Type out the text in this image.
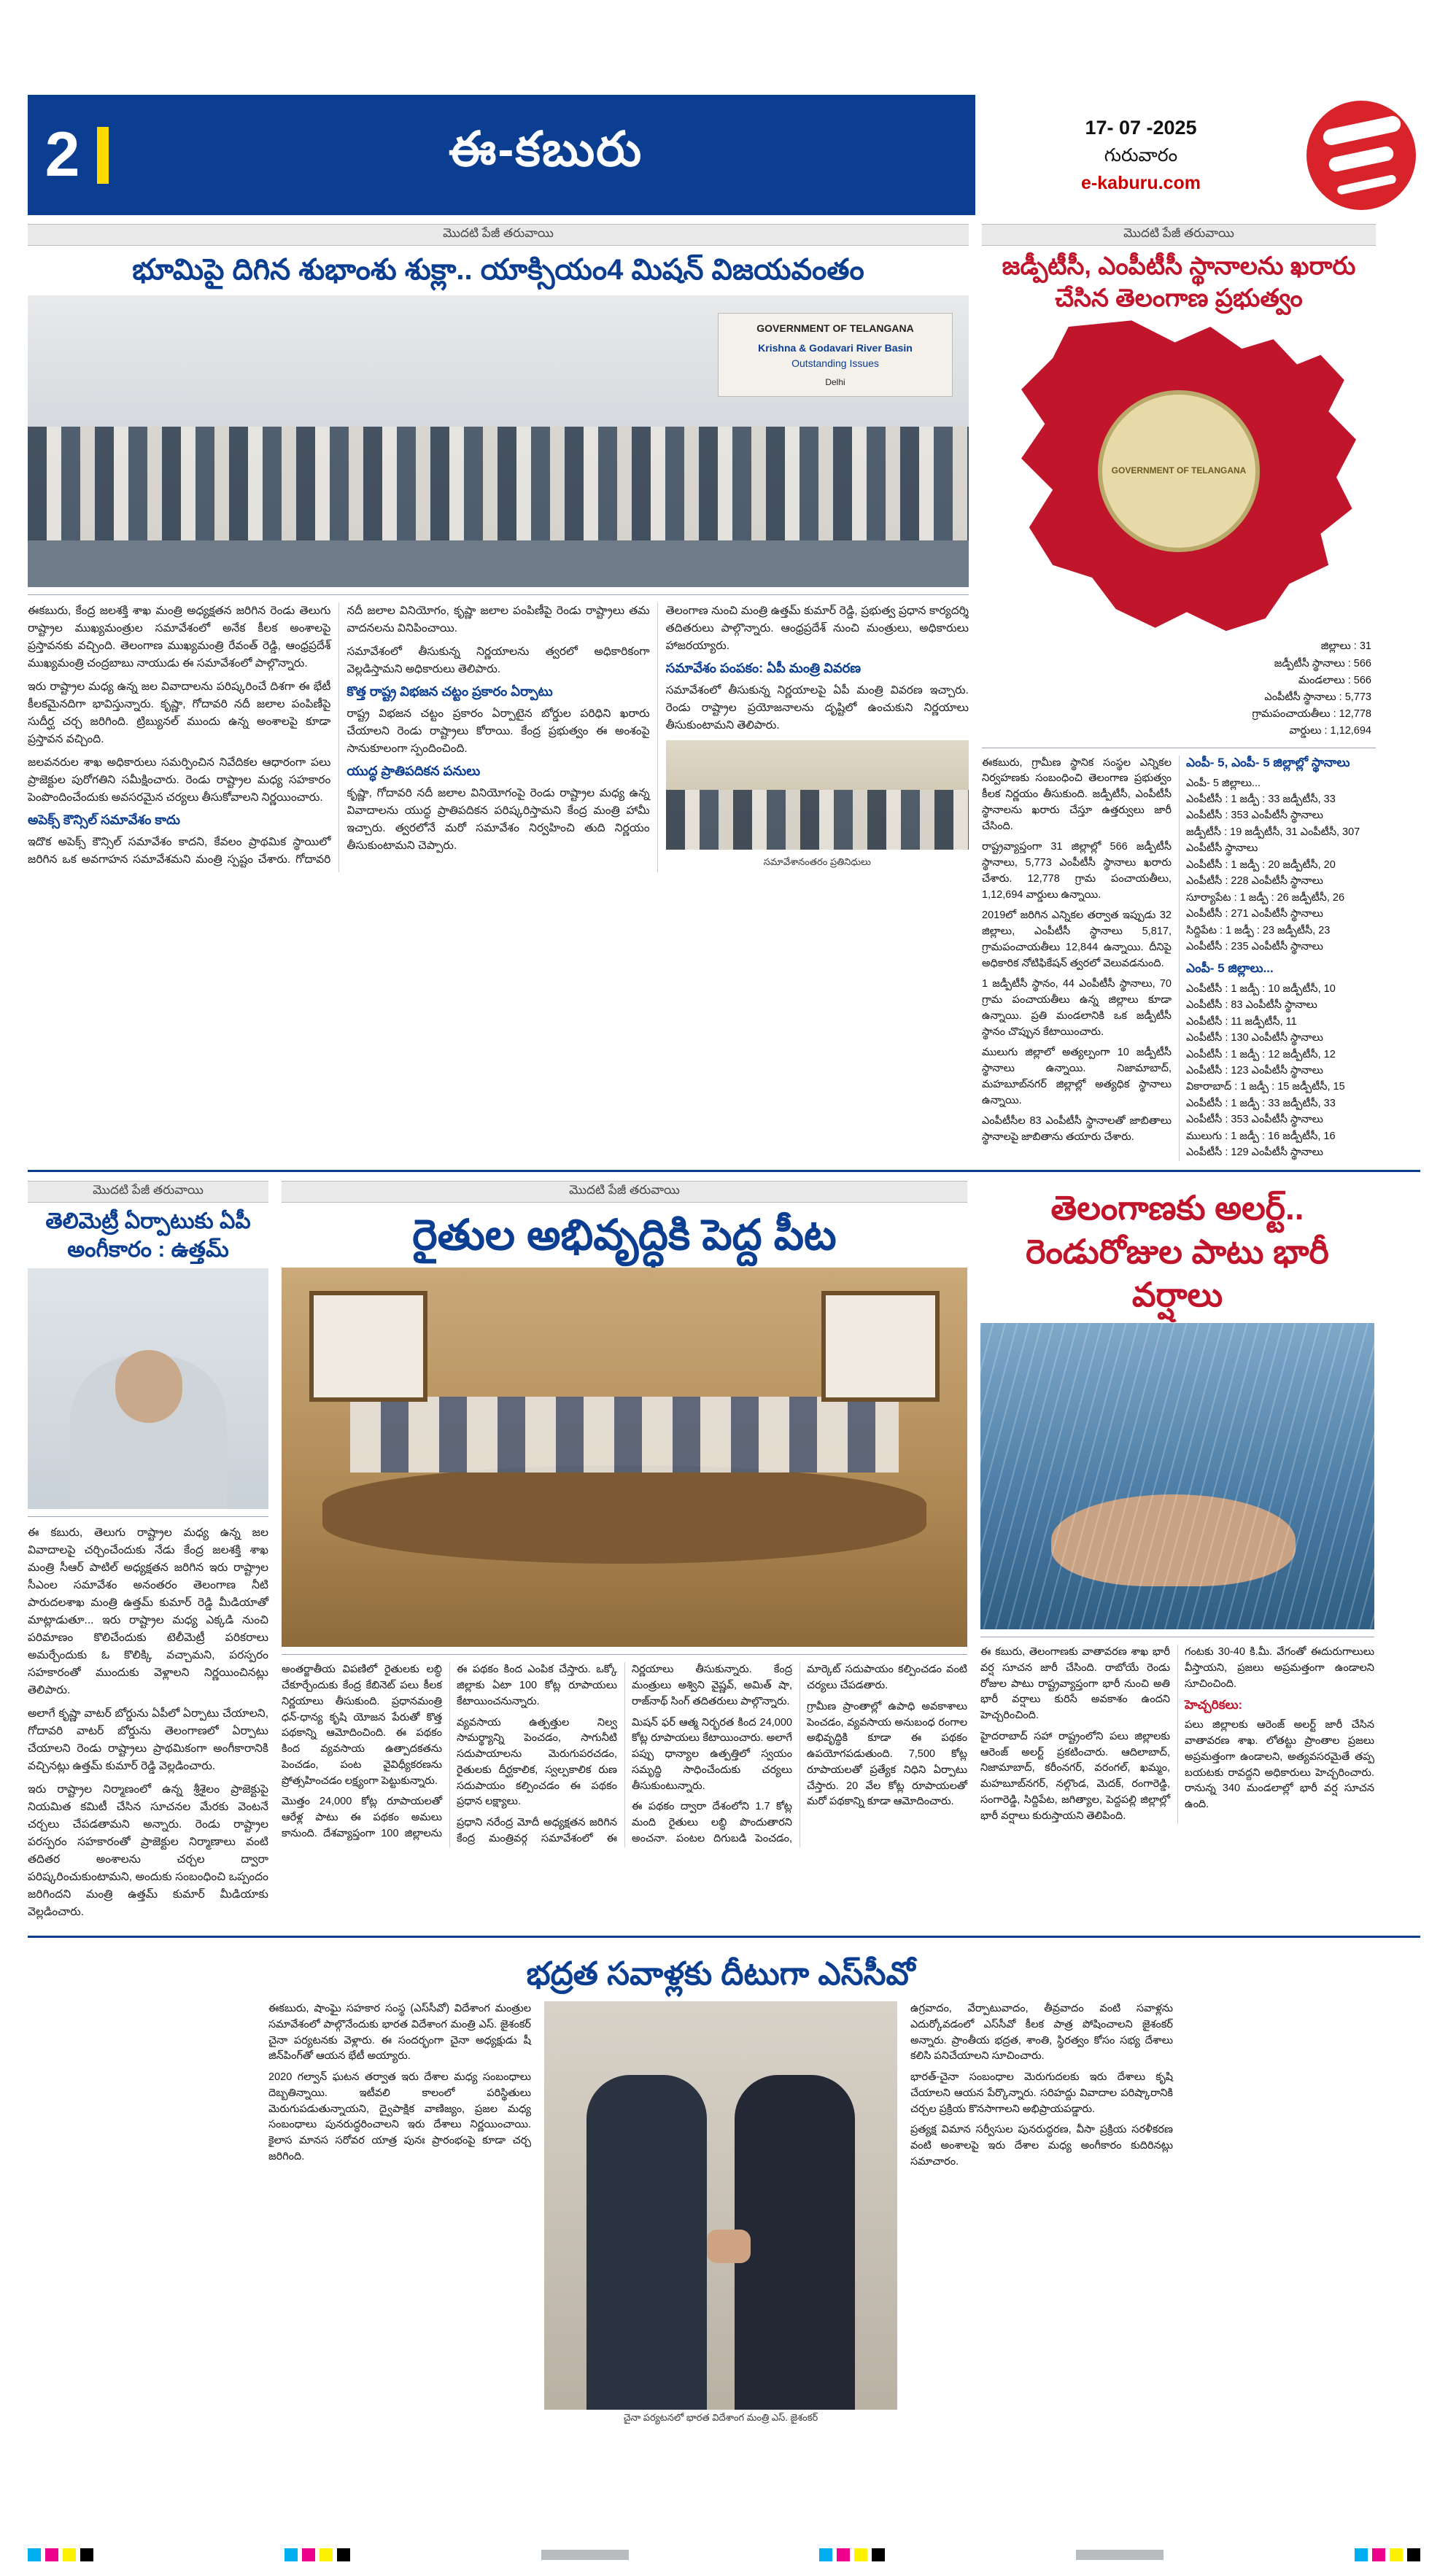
2	ఈ-కబురు	17- 07 -2025
గురువారం
e-kaburu.com
మొదటి పేజీ తరువాయి
భూమిపై దిగిన శుభాంశు శుక్లా.. యాక్సియం4 మిషన్ విజయవంతం
GOVERNMENT OF TELANGANA
Krishna & Godavari River Basin
Outstanding Issues
Delhi

ఈకబురు, కేంద్ర జలశక్తి శాఖ మంత్రి అధ్యక్షతన జరిగిన రెండు తెలుగు రాష్ట్రాల ముఖ్యమంత్రుల సమావేశంలో అనేక కీలక అంశాలపై ప్రస్తావనకు వచ్చింది. తెలంగాణ ముఖ్యమంత్రి రేవంత్ రెడ్డి, ఆంధ్రప్రదేశ్ ముఖ్యమంత్రి చంద్రబాబు నాయుడు ఈ సమావేశంలో పాల్గొన్నారు.

ఇరు రాష్ట్రాల మధ్య ఉన్న జల వివాదాలను పరిష్కరించే దిశగా ఈ భేటీ కీలకమైనదిగా భావిస్తున్నారు. కృష్ణా, గోదావరి నదీ జలాల పంపిణీపై సుదీర్ఘ చర్చ జరిగింది. ట్రిబ్యునల్ ముందు ఉన్న అంశాలపై కూడా ప్రస్తావన వచ్చింది.

జలవనరుల శాఖ అధికారులు సమర్పించిన నివేదికల ఆధారంగా పలు ప్రాజెక్టుల పురోగతిని సమీక్షించారు. రెండు రాష్ట్రాల మధ్య సహకారం పెంపొందించేందుకు అవసరమైన చర్యలు తీసుకోవాలని నిర్ణయించారు.

అపెక్స్ కౌన్సిల్ సమావేశం కాదు

ఇదొక అపెక్స్ కౌన్సిల్ సమావేశం కాదని, కేవలం ప్రాథమిక స్థాయిలో జరిగిన ఒక అవగాహన సమావేశమని మంత్రి స్పష్టం చేశారు. గోదావరి నదీ జలాల వినియోగం, కృష్ణా జలాల పంపిణీపై రెండు రాష్ట్రాలు తమ వాదనలను వినిపించాయి.

సమావేశంలో తీసుకున్న నిర్ణయాలను త్వరలో అధికారికంగా వెల్లడిస్తామని అధికారులు తెలిపారు.

కొత్త రాష్ట్ర విభజన చట్టం ప్రకారం ఏర్పాటు

రాష్ట్ర విభజన చట్టం ప్రకారం ఏర్పాటైన బోర్డుల పరిధిని ఖరారు చేయాలని రెండు రాష్ట్రాలు కోరాయి. కేంద్ర ప్రభుత్వం ఈ అంశంపై సానుకూలంగా స్పందించింది.

యుద్ధ ప్రాతిపదికన పనులు

కృష్ణా, గోదావరి నదీ జలాల వినియోగంపై రెండు రాష్ట్రాల మధ్య ఉన్న వివాదాలను యుద్ధ ప్రాతిపదికన పరిష్కరిస్తామని కేంద్ర మంత్రి హామీ ఇచ్చారు. త్వరలోనే మరో సమావేశం నిర్వహించి తుది నిర్ణయం తీసుకుంటామని చెప్పారు.

తెలంగాణ నుంచి మంత్రి ఉత్తమ్ కుమార్ రెడ్డి, ప్రభుత్వ ప్రధాన కార్యదర్శి తదితరులు పాల్గొన్నారు. ఆంధ్రప్రదేశ్ నుంచి మంత్రులు, అధికారులు హాజరయ్యారు.

సమావేశం పంపకం: ఏపీ మంత్రి వివరణ

సమావేశంలో తీసుకున్న నిర్ణయాలపై ఏపీ మంత్రి వివరణ ఇచ్చారు. రెండు రాష్ట్రాల ప్రయోజనాలను దృష్టిలో ఉంచుకుని నిర్ణయాలు తీసుకుంటామని తెలిపారు.

సమావేశానంతరం ప్రతినిధులు
మొదటి పేజీ తరువాయి
జడ్పీటీసీ, ఎంపీటీసీ స్థానాలను ఖరారు చేసిన తెలంగాణ ప్రభుత్వం
GOVERNMENT OF TELANGANA

జిల్లాలు : 31

జడ్పీటీసీ స్థానాలు : 566

మండలాలు : 566

ఎంపీటీసీ స్థానాలు : 5,773

గ్రామపంచాయతీలు : 12,778

వార్డులు : 1,12,694

ఈకబురు, గ్రామీణ స్థానిక సంస్థల ఎన్నికల నిర్వహణకు సంబంధించి తెలంగాణ ప్రభుత్వం కీలక నిర్ణయం తీసుకుంది. జడ్పీటీసీ, ఎంపీటీసీ స్థానాలను ఖరారు చేస్తూ ఉత్తర్వులు జారీ చేసింది.

రాష్ట్రవ్యాప్తంగా 31 జిల్లాల్లో 566 జడ్పీటీసీ స్థానాలు, 5,773 ఎంపీటీసీ స్థానాలు ఖరారు చేశారు. 12,778 గ్రామ పంచాయతీలు, 1,12,694 వార్డులు ఉన్నాయి.

2019లో జరిగిన ఎన్నికల తర్వాత ఇప్పుడు 32 జిల్లాలు, ఎంపీటీసీ స్థానాలు 5,817, గ్రామపంచాయతీలు 12,844 ఉన్నాయి. దీనిపై అధికారిక నోటిఫికేషన్ త్వరలో వెలువడనుంది.

1 జడ్పీటీసీ స్థానం, 44 ఎంపీటీసీ స్థానాలు, 70 గ్రామ పంచాయతీలు ఉన్న జిల్లాలు కూడా ఉన్నాయి. ప్రతి మండలానికి ఒక జడ్పీటీసీ స్థానం చొప్పున కేటాయించారు.

ములుగు జిల్లాలో అత్యల్పంగా 10 జడ్పీటీసీ స్థానాలు ఉన్నాయి. నిజామాబాద్, మహబూబ్‌నగర్ జిల్లాల్లో అత్యధిక స్థానాలు ఉన్నాయి.

ఎంపీటీసీల 83 ఎంపీటీసీ స్థానాలతో జాబితాలు స్థానాలపై జాబితాను తయారు చేశారు.

ఎంపీ- 5, ఎంపీ- 5 జిల్లాల్లో స్థానాలు

ఎంపీ- 5 జిల్లాలు...

ఎంపీటీసీ : 1 జడ్పీ : 33 జడ్పీటీసీ, 33

ఎంపీటీసీ : 353 ఎంపీటీసీ స్థానాలు

జడ్పీటీసీ : 19 జడ్పీటీసీ, 31 ఎంపీటీసీ, 307 ఎంపీటీసీ స్థానాలు

ఎంపీటీసీ : 1 జడ్పీ : 20 జడ్పీటీసీ, 20

ఎంపీటీసీ : 228 ఎంపీటీసీ స్థానాలు

సూర్యాపేట : 1 జడ్పీ : 26 జడ్పీటీసీ, 26

ఎంపీటీసీ : 271 ఎంపీటీసీ స్థానాలు

సిద్దిపేట : 1 జడ్పీ : 23 జడ్పీటీసీ, 23

ఎంపీటీసీ : 235 ఎంపీటీసీ స్థానాలు

ఎంపీ- 5 జిల్లాలు...

ఎంపీటీసీ : 1 జడ్పీ : 10 జడ్పీటీసీ, 10

ఎంపీటీసీ : 83 ఎంపీటీసీ స్థానాలు

ఎంపీటీసీ : 11 జడ్పీటీసీ, 11

ఎంపీటీసీ : 130 ఎంపీటీసీ స్థానాలు

ఎంపీటీసీ : 1 జడ్పీ : 12 జడ్పీటీసీ, 12

ఎంపీటీసీ : 123 ఎంపీటీసీ స్థానాలు

వికారాబాద్ : 1 జడ్పీ : 15 జడ్పీటీసీ, 15

ఎంపీటీసీ : 1 జడ్పీ : 33 జడ్పీటీసీ, 33

ఎంపీటీసీ : 353 ఎంపీటీసీ స్థానాలు

ములుగు : 1 జడ్పీ : 16 జడ్పీటీసీ, 16

ఎంపీటీసీ : 129 ఎంపీటీసీ స్థానాలు

మొదటి పేజీ తరువాయి
తెలిమెట్రీ ఏర్పాటుకు ఏపీ అంగీకారం : ఉత్తమ్

ఈ కబురు, తెలుగు రాష్ట్రాల మధ్య ఉన్న జల వివాదాలపై చర్చించేందుకు నేడు కేంద్ర జలశక్తి శాఖ మంత్రి సీఆర్ పాటిల్ అధ్యక్షతన జరిగిన ఇరు రాష్ట్రాల సీఎంల సమావేశం అనంతరం తెలంగాణ నీటి పారుదలశాఖ మంత్రి ఉత్తమ్ కుమార్ రెడ్డి మీడియాతో మాట్లాడుతూ... ఇరు రాష్ట్రాల మధ్య ఎక్కడి నుంచి పరిమాణం కొలిచేందుకు టెలీమెట్రీ పరికరాలు అమర్చేందుకు ఓ కొలిక్కి వచ్చామని, పరస్పరం సహకారంతో ముందుకు వెళ్లాలని నిర్ణయించినట్లు తెలిపారు.

అలాగే కృష్ణా వాటర్ బోర్డును ఏపీలో ఏర్పాటు చేయాలని, గోదావరి వాటర్ బోర్డును తెలంగాణలో ఏర్పాటు చేయాలని రెండు రాష్ట్రాలు ప్రాథమికంగా అంగీకారానికి వచ్చినట్లు ఉత్తమ్ కుమార్ రెడ్డి వెల్లడించారు.

ఇరు రాష్ట్రాల నిర్మాణంలో ఉన్న శ్రీశైలం ప్రాజెక్టుపై నియమిత కమిటీ చేసిన సూచనల మేరకు వెంటనే చర్చలు చేపడతామని అన్నారు. రెండు రాష్ట్రాల పరస్పరం సహకారంతో ప్రాజెక్టుల నిర్మాణాలు వంటి తదితర అంశాలను చర్చల ద్వారా పరిష్కరించుకుంటామని, అందుకు సంబంధించి ఒప్పందం జరిగిందని మంత్రి ఉత్తమ్ కుమార్ మీడియాకు వెల్లడించారు.

మొదటి పేజీ తరువాయి
రైతుల అభివృద్ధికి పెద్ద పీట

అంతర్జాతీయ విపణిలో రైతులకు లబ్ధి చేకూర్చేందుకు కేంద్ర కేబినెట్ పలు కీలక నిర్ణయాలు తీసుకుంది. ప్రధానమంత్రి ధన్-ధాన్య కృషి యోజన పేరుతో కొత్త పథకాన్ని ఆమోదించింది. ఈ పథకం కింద వ్యవసాయ ఉత్పాదకతను పెంచడం, పంట వైవిధ్యీకరణను ప్రోత్సహించడం లక్ష్యంగా పెట్టుకున్నారు.

మొత్తం 24,000 కోట్ల రూపాయలతో ఆరేళ్ల పాటు ఈ పథకం అమలు కానుంది. దేశవ్యాప్తంగా 100 జిల్లాలను ఈ పథకం కింద ఎంపిక చేస్తారు. ఒక్కో జిల్లాకు ఏటా 100 కోట్ల రూపాయలు కేటాయించనున్నారు.

వ్యవసాయ ఉత్పత్తుల నిల్వ సామర్థ్యాన్ని పెంచడం, సాగునీటి సదుపాయాలను మెరుగుపరచడం, రైతులకు దీర్ఘకాలిక, స్వల్పకాలిక రుణ సదుపాయం కల్పించడం ఈ పథకం ప్రధాన లక్ష్యాలు.

ప్రధాని నరేంద్ర మోదీ అధ్యక్షతన జరిగిన కేంద్ర మంత్రివర్గ సమావేశంలో ఈ నిర్ణయాలు తీసుకున్నారు. కేంద్ర మంత్రులు అశ్విని వైష్ణవ్, అమిత్ షా, రాజ్‌నాథ్ సింగ్ తదితరులు పాల్గొన్నారు.

మిషన్ ఫర్ ఆత్మ నిర్భరత కింద 24,000 కోట్ల రూపాయలు కేటాయించారు. అలాగే పప్పు ధాన్యాల ఉత్పత్తిలో స్వయం సమృద్ధి సాధించేందుకు చర్యలు తీసుకుంటున్నారు.

ఈ పథకం ద్వారా దేశంలోని 1.7 కోట్ల మంది రైతులు లబ్ధి పొందుతారని అంచనా. పంటల దిగుబడి పెంచడం, మార్కెట్ సదుపాయం కల్పించడం వంటి చర్యలు చేపడతారు.

గ్రామీణ ప్రాంతాల్లో ఉపాధి అవకాశాలు పెంచడం, వ్యవసాయ అనుబంధ రంగాల అభివృద్ధికి కూడా ఈ పథకం ఉపయోగపడుతుంది. 7,500 కోట్ల రూపాయలతో ప్రత్యేక నిధిని ఏర్పాటు చేస్తారు. 20 వేల కోట్ల రూపాయలతో మరో పథకాన్ని కూడా ఆమోదించారు.

తెలంగాణకు అలర్ట్.. రెండురోజుల పాటు భారీ వర్షాలు

ఈ కబురు, తెలంగాణకు వాతావరణ శాఖ భారీ వర్ష సూచన జారీ చేసింది. రాబోయే రెండు రోజుల పాటు రాష్ట్రవ్యాప్తంగా భారీ నుంచి అతి భారీ వర్షాలు కురిసే అవకాశం ఉందని హెచ్చరించింది.

హైదరాబాద్ సహా రాష్ట్రంలోని పలు జిల్లాలకు ఆరెంజ్ అలర్ట్ ప్రకటించారు. ఆదిలాబాద్, నిజామాబాద్, కరీంనగర్, వరంగల్, ఖమ్మం, మహబూబ్‌నగర్, నల్గొండ, మెదక్, రంగారెడ్డి, సంగారెడ్డి, సిద్దిపేట, జగిత్యాల, పెద్దపల్లి జిల్లాల్లో భారీ వర్షాలు కురుస్తాయని తెలిపింది.

గంటకు 30-40 కి.మీ. వేగంతో ఈదురుగాలులు వీస్తాయని, ప్రజలు అప్రమత్తంగా ఉండాలని సూచించింది.

హెచ్చరికలు:

పలు జిల్లాలకు ఆరెంజ్ అలర్ట్ జారీ చేసిన వాతావరణ శాఖ. లోతట్టు ప్రాంతాల ప్రజలు అప్రమత్తంగా ఉండాలని, అత్యవసరమైతే తప్ప బయటకు రావద్దని అధికారులు హెచ్చరించారు. రానున్న 340 మండలాల్లో భారీ వర్ష సూచన ఉంది.

భద్రత సవాళ్లకు దీటుగా ఎస్‌సీవో

ఈకబురు, షాంఘై సహకార సంస్థ (ఎస్‌సీవో) విదేశాంగ మంత్రుల సమావేశంలో పాల్గొనేందుకు భారత విదేశాంగ మంత్రి ఎస్. జైశంకర్ చైనా పర్యటనకు వెళ్లారు. ఈ సందర్భంగా చైనా అధ్యక్షుడు షీ జిన్‌పింగ్‌తో ఆయన భేటీ అయ్యారు.

2020 గల్వాన్ ఘటన తర్వాత ఇరు దేశాల మధ్య సంబంధాలు దెబ్బతిన్నాయి. ఇటీవలి కాలంలో పరిస్థితులు మెరుగుపడుతున్నాయని, ద్వైపాక్షిక వాణిజ్యం, ప్రజల మధ్య సంబంధాలు పునరుద్ధరించాలని ఇరు దేశాలు నిర్ణయించాయి. కైలాస మానస సరోవర యాత్ర పునః ప్రారంభంపై కూడా చర్చ జరిగింది.

చైనా పర్యటనలో భారత విదేశాంగ మంత్రి ఎస్. జైశంకర్

ఉగ్రవాదం, వేర్పాటువాదం, తీవ్రవాదం వంటి సవాళ్లను ఎదుర్కోవడంలో ఎస్‌సీవో కీలక పాత్ర పోషించాలని జైశంకర్ అన్నారు. ప్రాంతీయ భద్రత, శాంతి, స్థిరత్వం కోసం సభ్య దేశాలు కలిసి పనిచేయాలని సూచించారు.

భారత్-చైనా సంబంధాల మెరుగుదలకు ఇరు దేశాలు కృషి చేయాలని ఆయన పేర్కొన్నారు. సరిహద్దు వివాదాల పరిష్కారానికి చర్చల ప్రక్రియ కొనసాగాలని అభిప్రాయపడ్డారు.

ప్రత్యక్ష విమాన సర్వీసుల పునరుద్ధరణ, వీసా ప్రక్రియ సరళీకరణ వంటి అంశాలపై ఇరు దేశాల మధ్య అంగీకారం కుదిరినట్లు సమాచారం.
